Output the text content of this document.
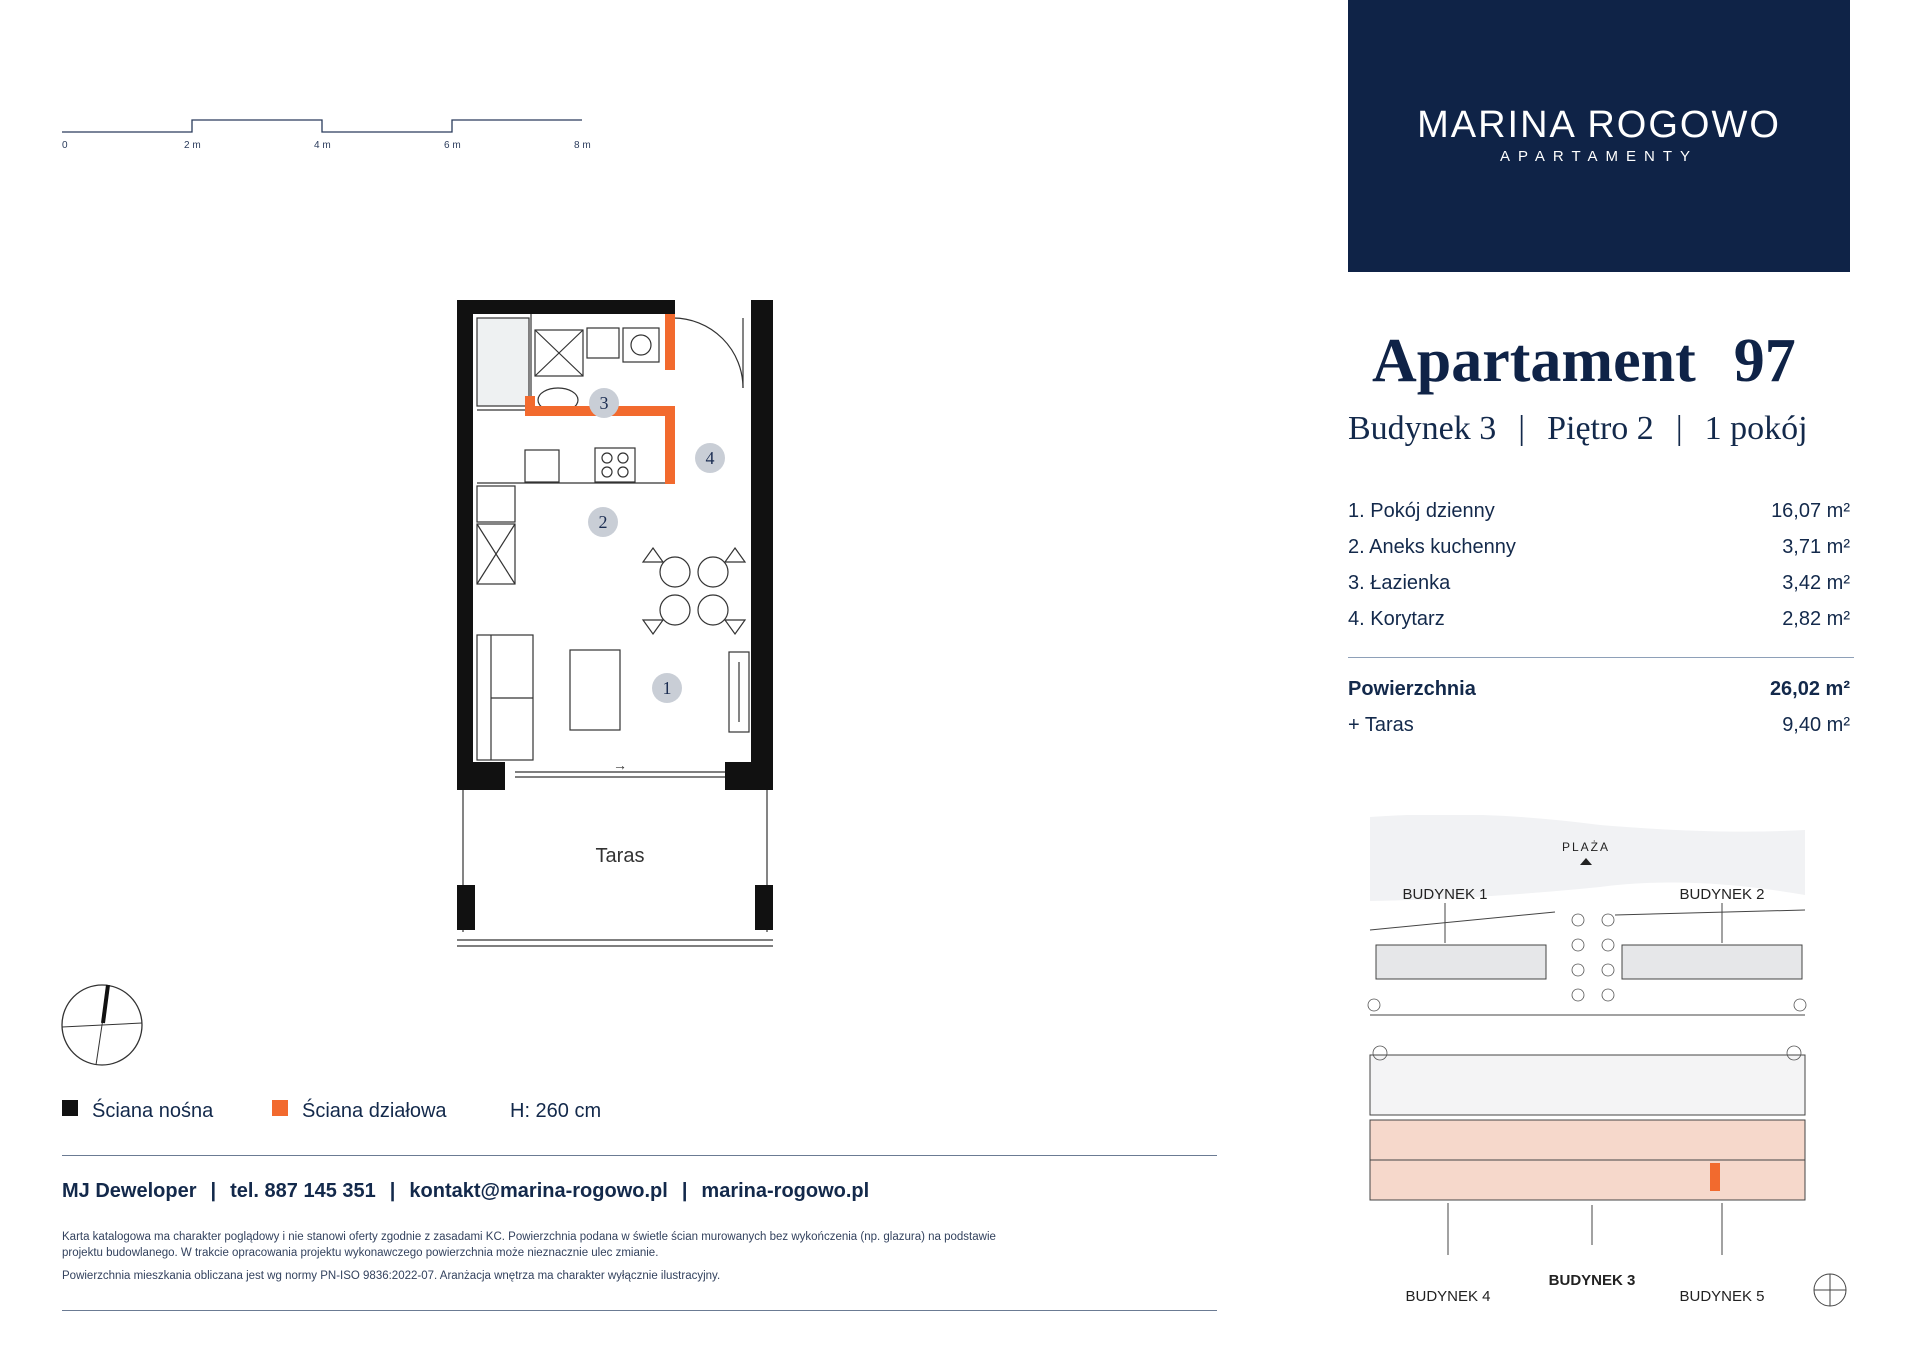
MARINA ROGOWO
APARTAMENTY
Apartament 97
Budynek 3 | Piętro 2 | 1 pokój
1. Pokój dzienny	16,07 m²
2. Aneks kuchenny	3,71 m²
3. Łazienka	3,42 m²
4. Korytarz	2,82 m²
Powierzchnia	26,02 m²
+ Taras	9,40 m²
0	2 m	4 m	6 m	8 m
3
4
2
1
→
Taras
Ściana nośna	Ściana działowa	H: 260 cm
MJ Deweloper | tel. 887 145 351 | kontakt@marina-rogowo.pl | marina-rogowo.pl
Karta katalogowa ma charakter poglądowy i nie stanowi oferty zgodnie z zasadami KC. Powierzchnia podana w świetle ścian murowanych bez wykończenia (np. glazura) na podstawie
projektu budowlanego. W trakcie opracowania projektu wykonawczego powierzchnia może nieznacznie ulec zmianie.
Powierzchnia mieszkania obliczana jest wg normy PN-ISO 9836:2022-07. Aranżacja wnętrza ma charakter wyłącznie ilustracyjny.
PLAŻA
BUDYNEK 1	BUDYNEK 2
BUDYNEK 4
BUDYNEK 3
BUDYNEK 5
